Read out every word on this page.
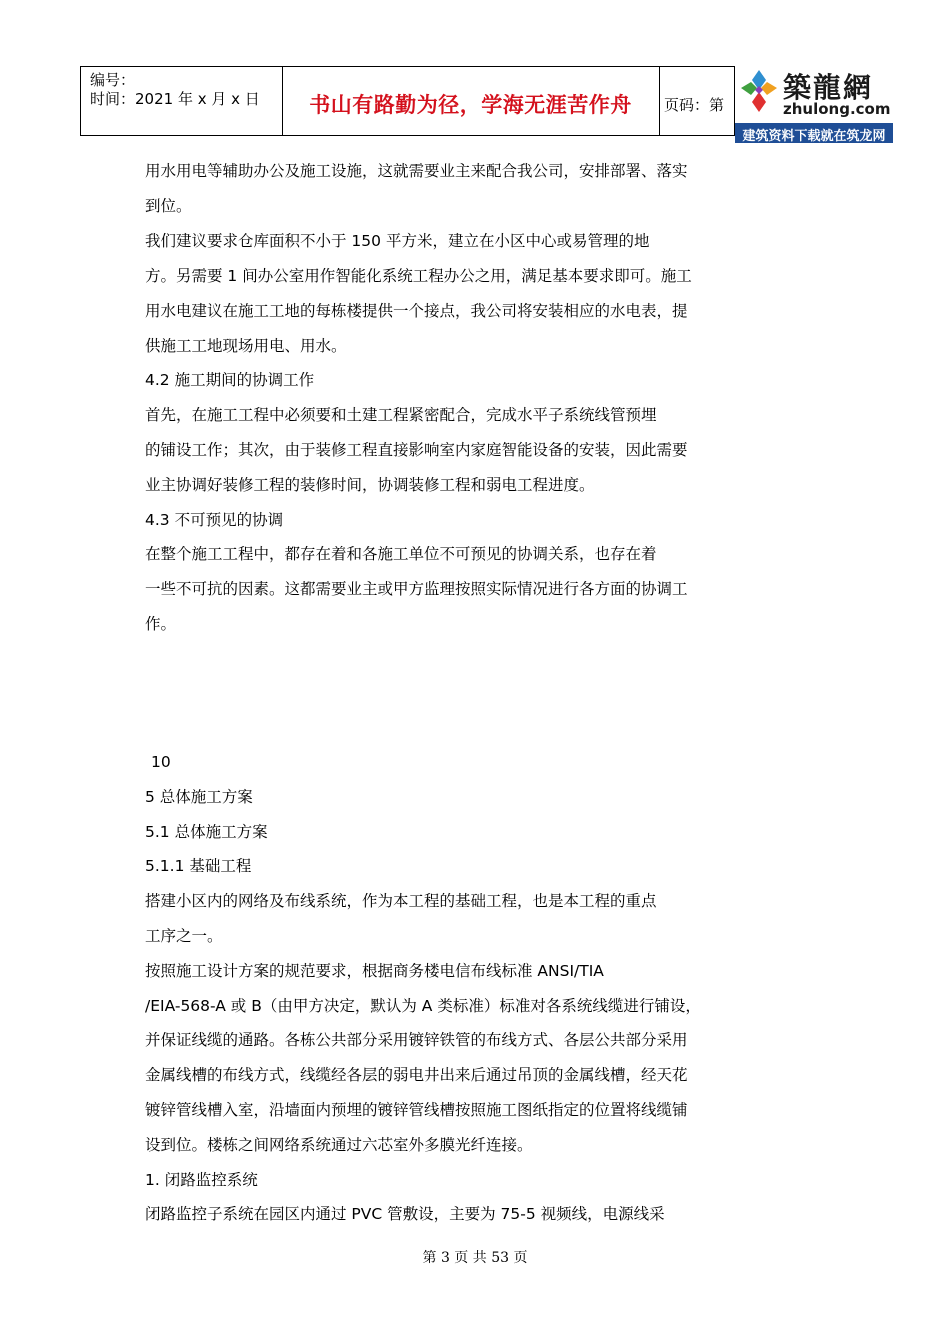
编号：
时间：2021 年 x 月 x 日	书山有路勤为径，学海无涯苦作舟	页码：第
築龍網
zhulong.com
建筑资料下载就在筑龙网

用水用电等辅助办公及施工设施，这就需要业主来配合我公司，安排部署、落实

到位。

我们建议要求仓库面积不小于 150 平方米，建立在小区中心或易管理的地

方。另需要 1 间办公室用作智能化系统工程办公之用，满足基本要求即可。施工

用水电建议在施工工地的每栋楼提供一个接点，我公司将安装相应的水电表，提

供施工工地现场用电、用水。

4.2 施工期间的协调工作

首先，在施工工程中必须要和土建工程紧密配合，完成水平子系统线管预埋

的铺设工作；其次，由于装修工程直接影响室内家庭智能设备的安装，因此需要

业主协调好装修工程的装修时间，协调装修工程和弱电工程进度。

4.3 不可预见的协调

在整个施工工程中，都存在着和各施工单位不可预见的协调关系，也存在着

一些不可抗的因素。这都需要业主或甲方监理按照实际情况进行各方面的协调工

作。

10

5 总体施工方案

5.1 总体施工方案

5.1.1 基础工程

搭建小区内的网络及布线系统，作为本工程的基础工程，也是本工程的重点

工序之一。

按照施工设计方案的规范要求，根据商务楼电信布线标准 ANSI/TIA

/EIA-568-A 或 B（由甲方决定，默认为 A 类标准）标准对各系统线缆进行铺设，

并保证线缆的通路。各栋公共部分采用镀锌铁管的布线方式、各层公共部分采用

金属线槽的布线方式，线缆经各层的弱电井出来后通过吊顶的金属线槽，经天花

镀锌管线槽入室，沿墙面内预埋的镀锌管线槽按照施工图纸指定的位置将线缆铺

设到位。楼栋之间网络系统通过六芯室外多膜光纤连接。

1. 闭路监控系统

闭路监控子系统在园区内通过 PVC 管敷设，主要为 75-5 视频线，电源线采

第 3 页 共 53 页
